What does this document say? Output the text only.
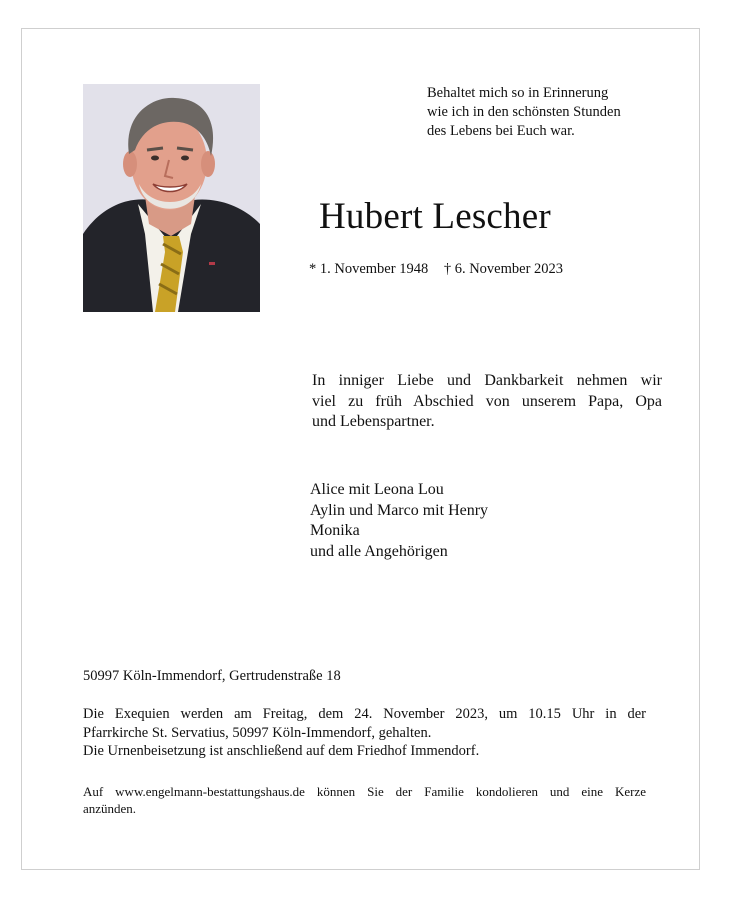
Behaltet mich so in Erinnerung
wie ich in den schönsten Stunden
des Lebens bei Euch war.
Hubert Lescher
* 1. November 1948 † 6. November 2023
In inniger Liebe und Dankbarkeit nehmen wir
viel zu früh Abschied von unserem Papa, Opa
und Lebenspartner.
Alice mit Leona Lou
Aylin und Marco mit Henry
Monika
und alle Angehörigen
50997 Köln-Immendorf, Gertrudenstraße 18
Die Exequien werden am Freitag, dem 24. November 2023, um 10.15 Uhr in der
Pfarrkirche St. Servatius, 50997 Köln-Immendorf, gehalten.
Die Urnenbeisetzung ist anschließend auf dem Friedhof Immendorf.
Auf www.engelmann-bestattungshaus.de können Sie der Familie kondolieren und eine Kerze
anzünden.
